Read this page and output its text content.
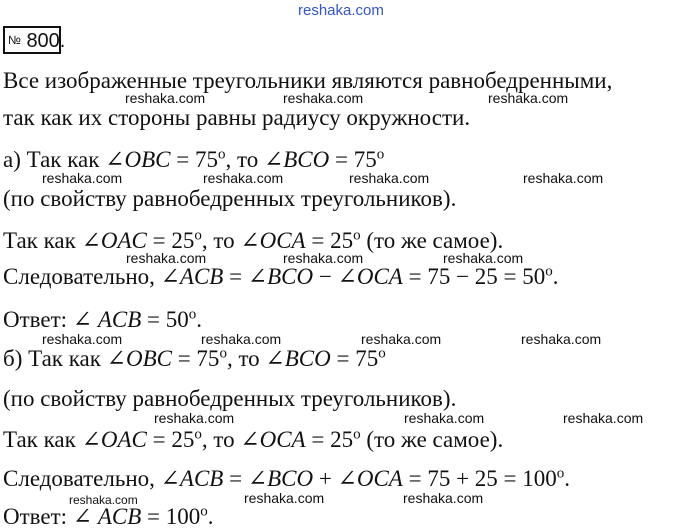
reshaka.com
№ 800.
Все изображенные треугольники являются равнобедренными,
так как их стороны равны радиусу окружности.
а) Так как ∠OBC = $75^o$, то ∠BCO = $75^o$
(по свойству равнобедренных треугольников).
Так как ∠OAC = $25^o$, то ∠OCA = $25^o$ (то же самое).
Следовательно, ∠ACB = ∠BCO − ∠OCA = $75 - 25 = 50^o$.
Ответ: ∠ ACB = $50^o$.
б) Так как ∠OBC = $75^o$, то ∠BCO = $75^o$
(по свойству равнобедренных треугольников).
Так как ∠OAC = $25^o$, то ∠OCA = $25^o$ (то же самое).
Следовательно, ∠ACB = ∠BCO + ∠OCA = $75 + 25 = 100^o$.
Ответ: ∠ ACB = $100^o$.
reshaka.com	reshaka.com	reshaka.com
reshaka.com	reshaka.com	reshaka.com	reshaka.com
reshaka.com	reshaka.com	reshaka.com
reshaka.com	reshaka.com	reshaka.com	reshaka.com
reshaka.com	reshaka.com	reshaka.com
reshaka.com	reshaka.com
reshaka.com
